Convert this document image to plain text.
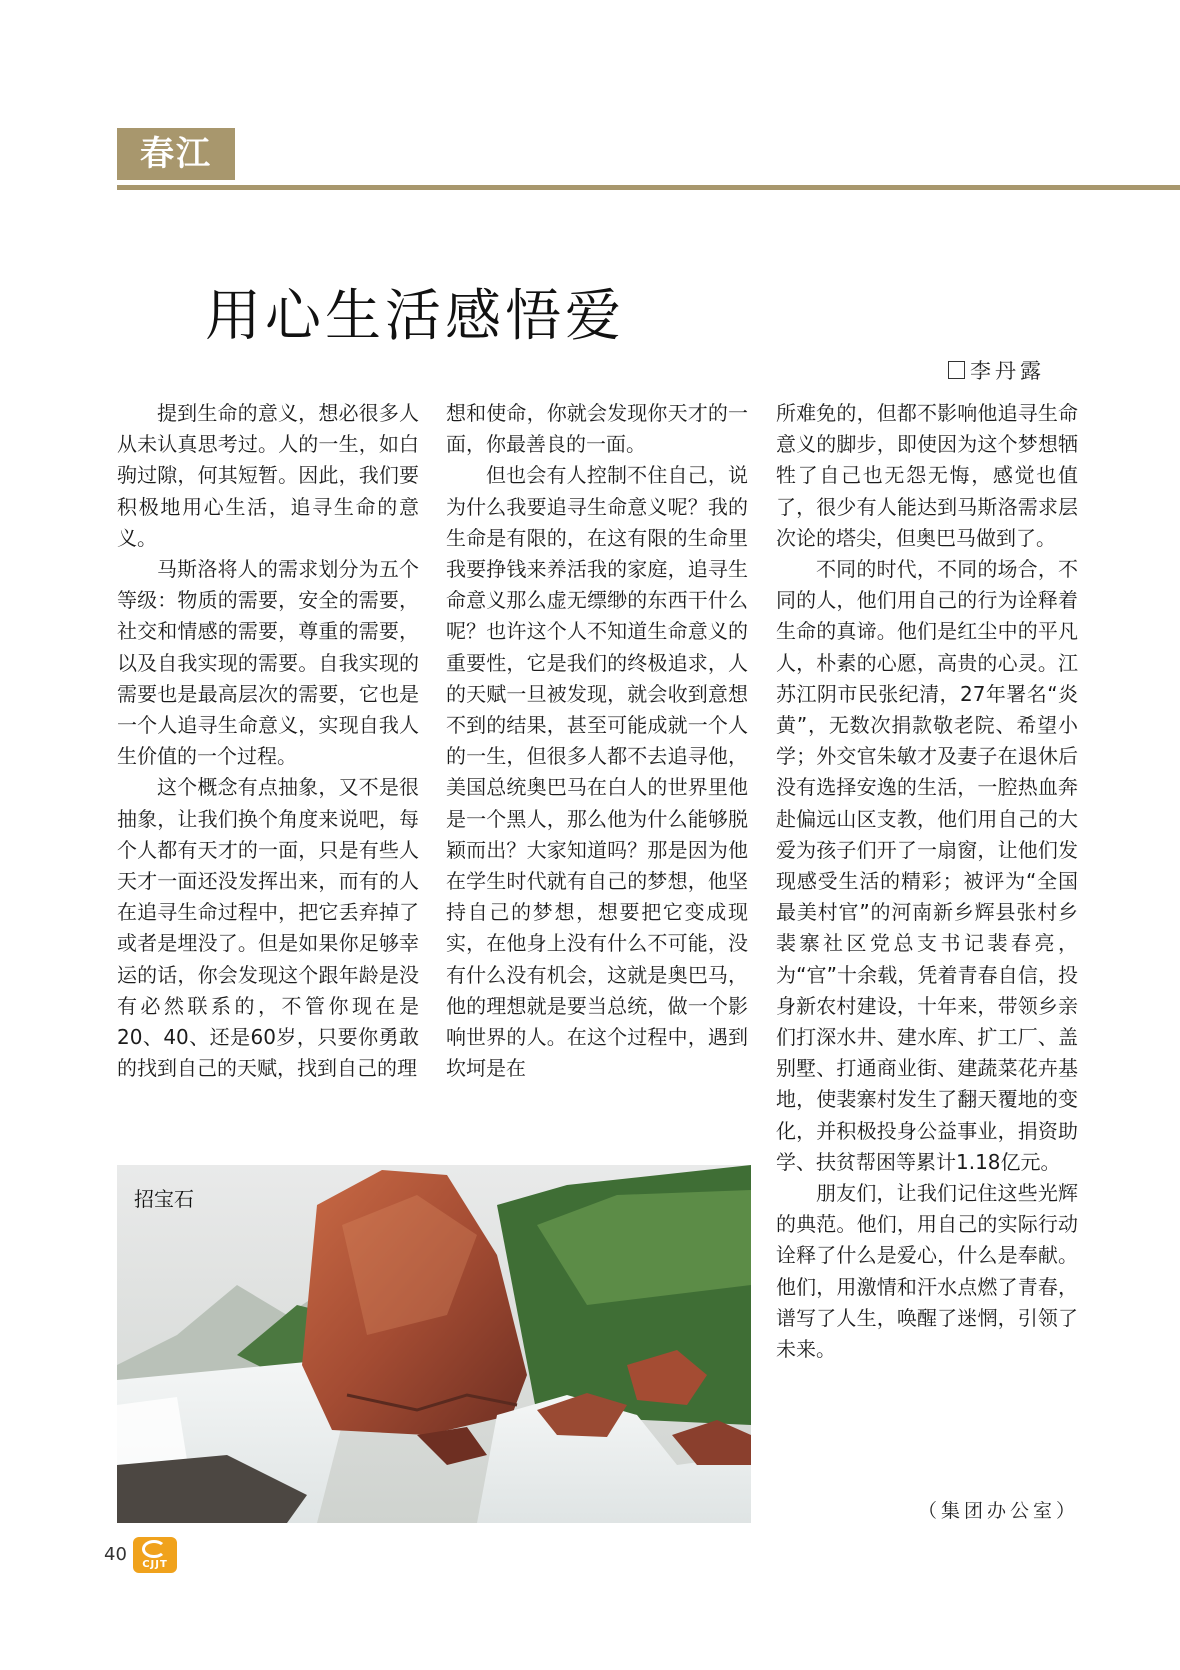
春江
用心生活感悟爱
李丹露

提到生命的意义，想必很多人从未认真思考过。人的一生，如白驹过隙，何其短暂。因此，我们要积极地用心生活，追寻生命的意义。

马斯洛将人的需求划分为五个等级：物质的需要，安全的需要，社交和情感的需要，尊重的需要，以及自我实现的需要。自我实现的需要也是最高层次的需要，它也是一个人追寻生命意义，实现自我人生价值的一个过程。

这个概念有点抽象，又不是很抽象，让我们换个角度来说吧，每个人都有天才的一面，只是有些人天才一面还没发挥出来，而有的人在追寻生命过程中，把它丢弃掉了或者是埋没了。但是如果你足够幸运的话，你会发现这个跟年龄是没有必然联系的，不管你现在是20、40、还是60岁，只要你勇敢的找到自己的天赋，找到自己的理

想和使命，你就会发现你天才的一面，你最善良的一面。

但也会有人控制不住自己，说为什么我要追寻生命意义呢？我的生命是有限的，在这有限的生命里我要挣钱来养活我的家庭，追寻生命意义那么虚无缥缈的东西干什么呢？也许这个人不知道生命意义的重要性，它是我们的终极追求，人的天赋一旦被发现，就会收到意想不到的结果，甚至可能成就一个人的一生，但很多人都不去追寻他，美国总统奥巴马在白人的世界里他是一个黑人，那么他为什么能够脱颖而出？大家知道吗？那是因为他在学生时代就有自己的梦想，他坚持自己的梦想，想要把它变成现实，在他身上没有什么不可能，没有什么没有机会，这就是奥巴马，他的理想就是要当总统，做一个影响世界的人。在这个过程中，遇到坎坷是在

所难免的，但都不影响他追寻生命意义的脚步，即使因为这个梦想牺牲了自己也无怨无悔，感觉也值了，很少有人能达到马斯洛需求层次论的塔尖，但奥巴马做到了。

不同的时代，不同的场合，不同的人，他们用自己的行为诠释着生命的真谛。他们是红尘中的平凡人，朴素的心愿，高贵的心灵。江苏江阴市民张纪清，27年署名“炎黄”，无数次捐款敬老院、希望小学；外交官朱敏才及妻子在退休后没有选择安逸的生活，一腔热血奔赴偏远山区支教，他们用自己的大爱为孩子们开了一扇窗，让他们发现感受生活的精彩；被评为“全国最美村官”的河南新乡辉县张村乡裴寨社区党总支书记裴春亮，为“官”十余载，凭着青春自信，投身新农村建设，十年来，带领乡亲们打深水井、建水库、扩工厂、盖别墅、打通商业街、建蔬菜花卉基地，使裴寨村发生了翻天覆地的变化，并积极投身公益事业，捐资助学、扶贫帮困等累计1.18亿元。

朋友们，让我们记住这些光辉的典范。他们，用自己的实际行动诠释了什么是爱心，什么是奉献。他们，用激情和汗水点燃了青春，谱写了人生，唤醒了迷惘，引领了未来。

招宝石
（集团办公室）
40	CJJT
